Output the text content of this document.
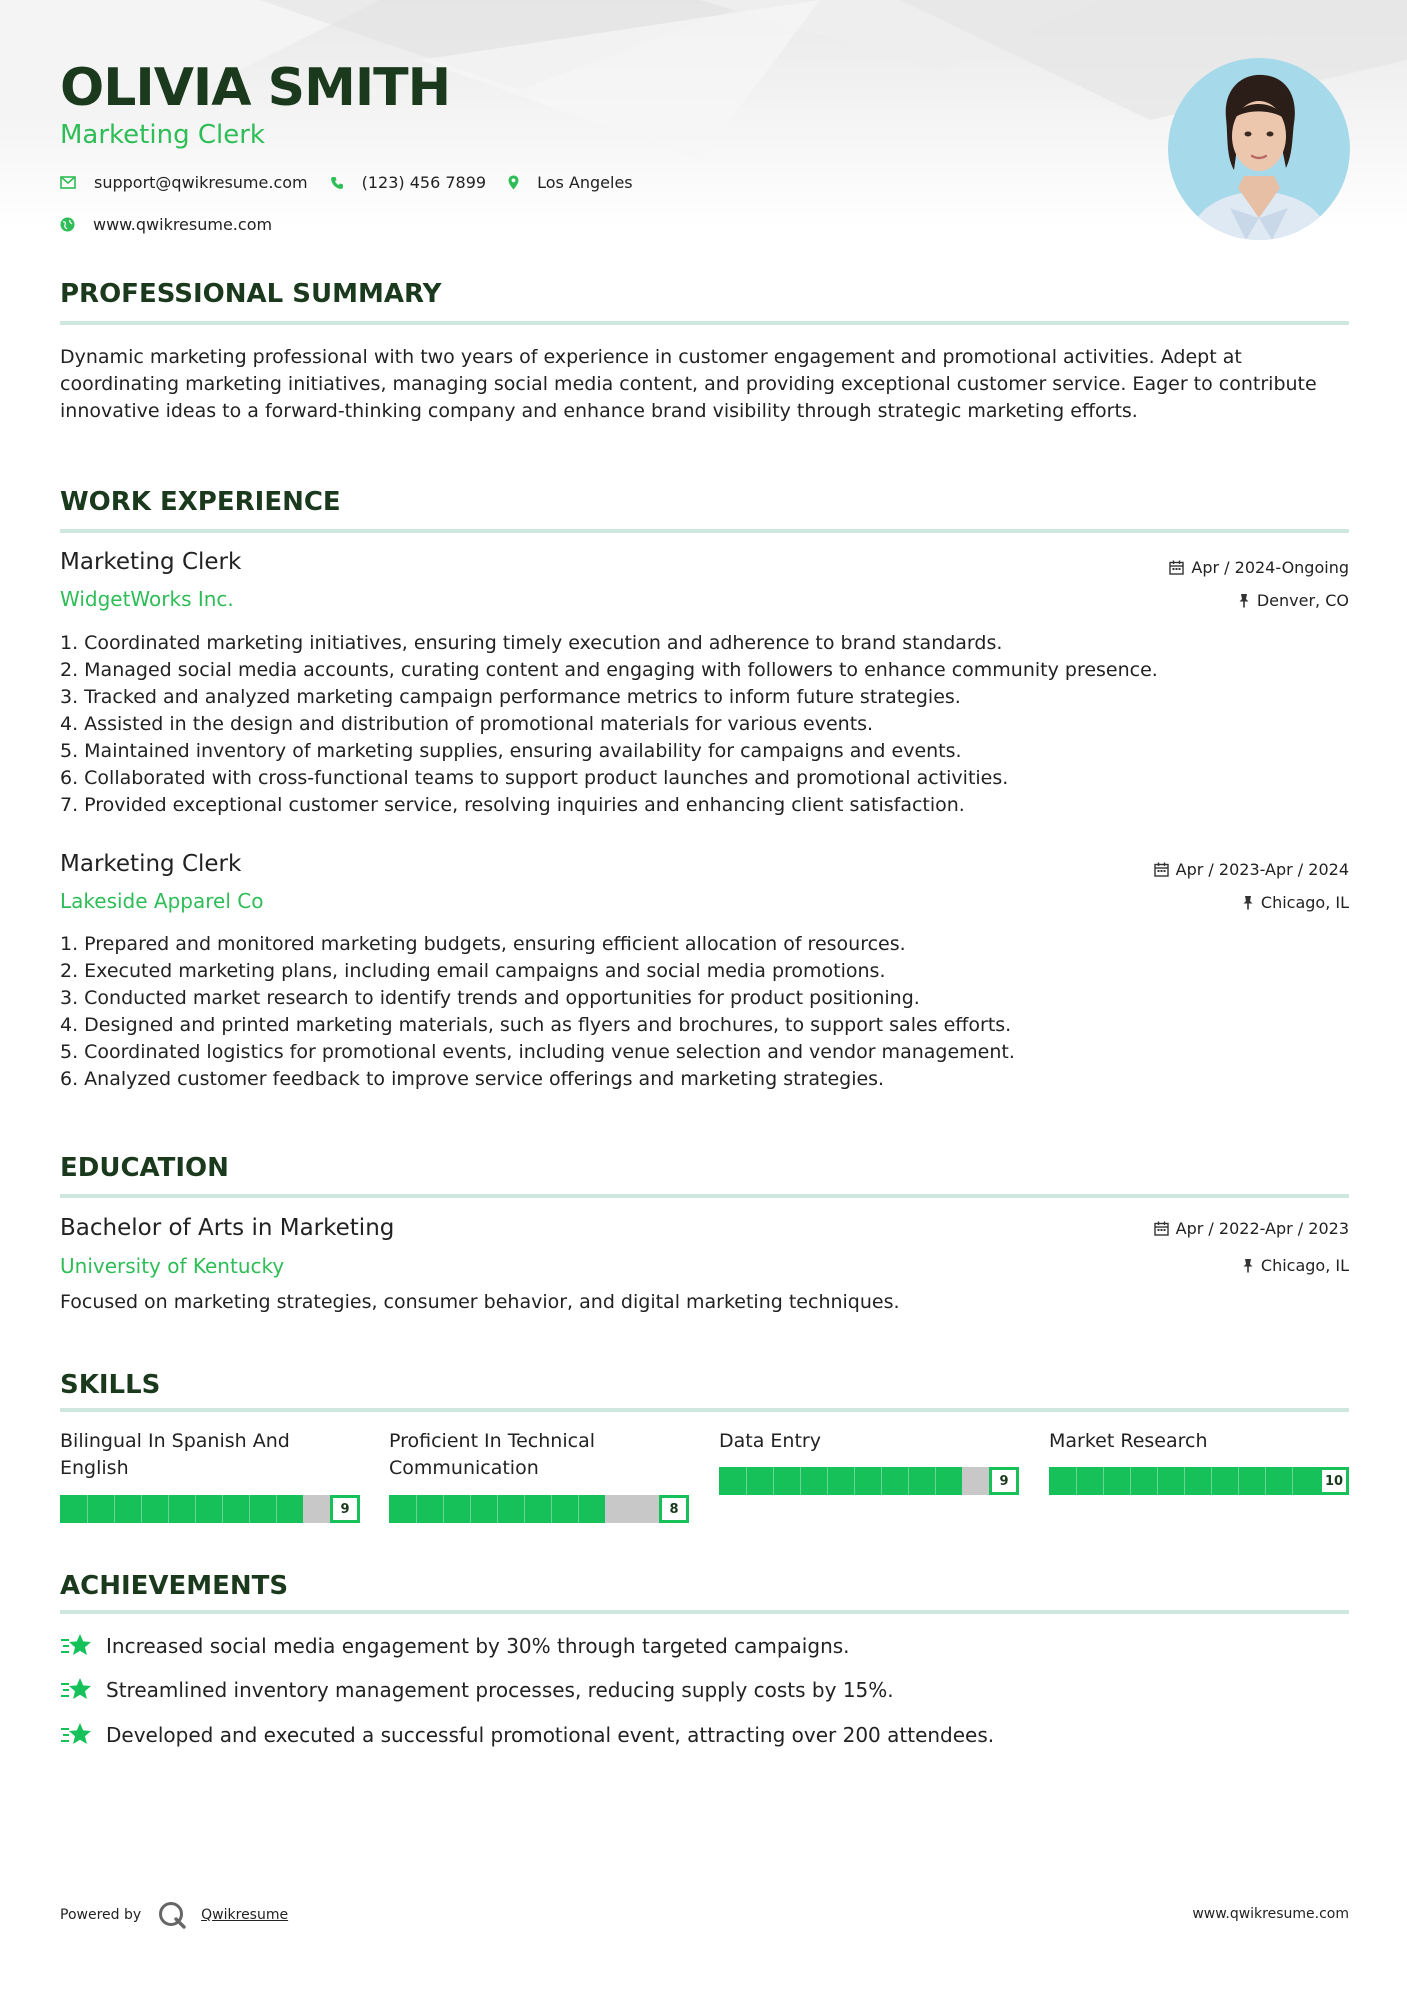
OLIVIA SMITH
Marketing Clerk
support@qwikresume.com	(123) 456 7899	Los Angeles
www.qwikresume.com
PROFESSIONAL SUMMARY
Dynamic marketing professional with two years of experience in customer engagement and promotional activities. Adept at coordinating marketing initiatives, managing social media content, and providing exceptional customer service. Eager to contribute innovative ideas to a forward-thinking company and enhance brand visibility through strategic marketing efforts.
WORK EXPERIENCE
Marketing Clerk	Apr / 2024-Ongoing
WidgetWorks Inc.	Denver, CO
1. Coordinated marketing initiatives, ensuring timely execution and adherence to brand standards.
2. Managed social media accounts, curating content and engaging with followers to enhance community presence.
3. Tracked and analyzed marketing campaign performance metrics to inform future strategies.
4. Assisted in the design and distribution of promotional materials for various events.
5. Maintained inventory of marketing supplies, ensuring availability for campaigns and events.
6. Collaborated with cross-functional teams to support product launches and promotional activities.
7. Provided exceptional customer service, resolving inquiries and enhancing client satisfaction.
Marketing Clerk	Apr / 2023-Apr / 2024
Lakeside Apparel Co	Chicago, IL
1. Prepared and monitored marketing budgets, ensuring efficient allocation of resources.
2. Executed marketing plans, including email campaigns and social media promotions.
3. Conducted market research to identify trends and opportunities for product positioning.
4. Designed and printed marketing materials, such as flyers and brochures, to support sales efforts.
5. Coordinated logistics for promotional events, including venue selection and vendor management.
6. Analyzed customer feedback to improve service offerings and marketing strategies.
EDUCATION
Bachelor of Arts in Marketing	Apr / 2022-Apr / 2023
University of Kentucky	Chicago, IL
Focused on marketing strategies, consumer behavior, and digital marketing techniques.
SKILLS
Bilingual In Spanish And English
9
Proficient In Technical Communication
8
Data Entry
9
Market Research
10
ACHIEVEMENTS
Increased social media engagement by 30% through targeted campaigns.
Streamlined inventory management processes, reducing supply costs by 15%.
Developed and executed a successful promotional event, attracting over 200 attendees.
Powered by	Qwikresume	www.qwikresume.com
